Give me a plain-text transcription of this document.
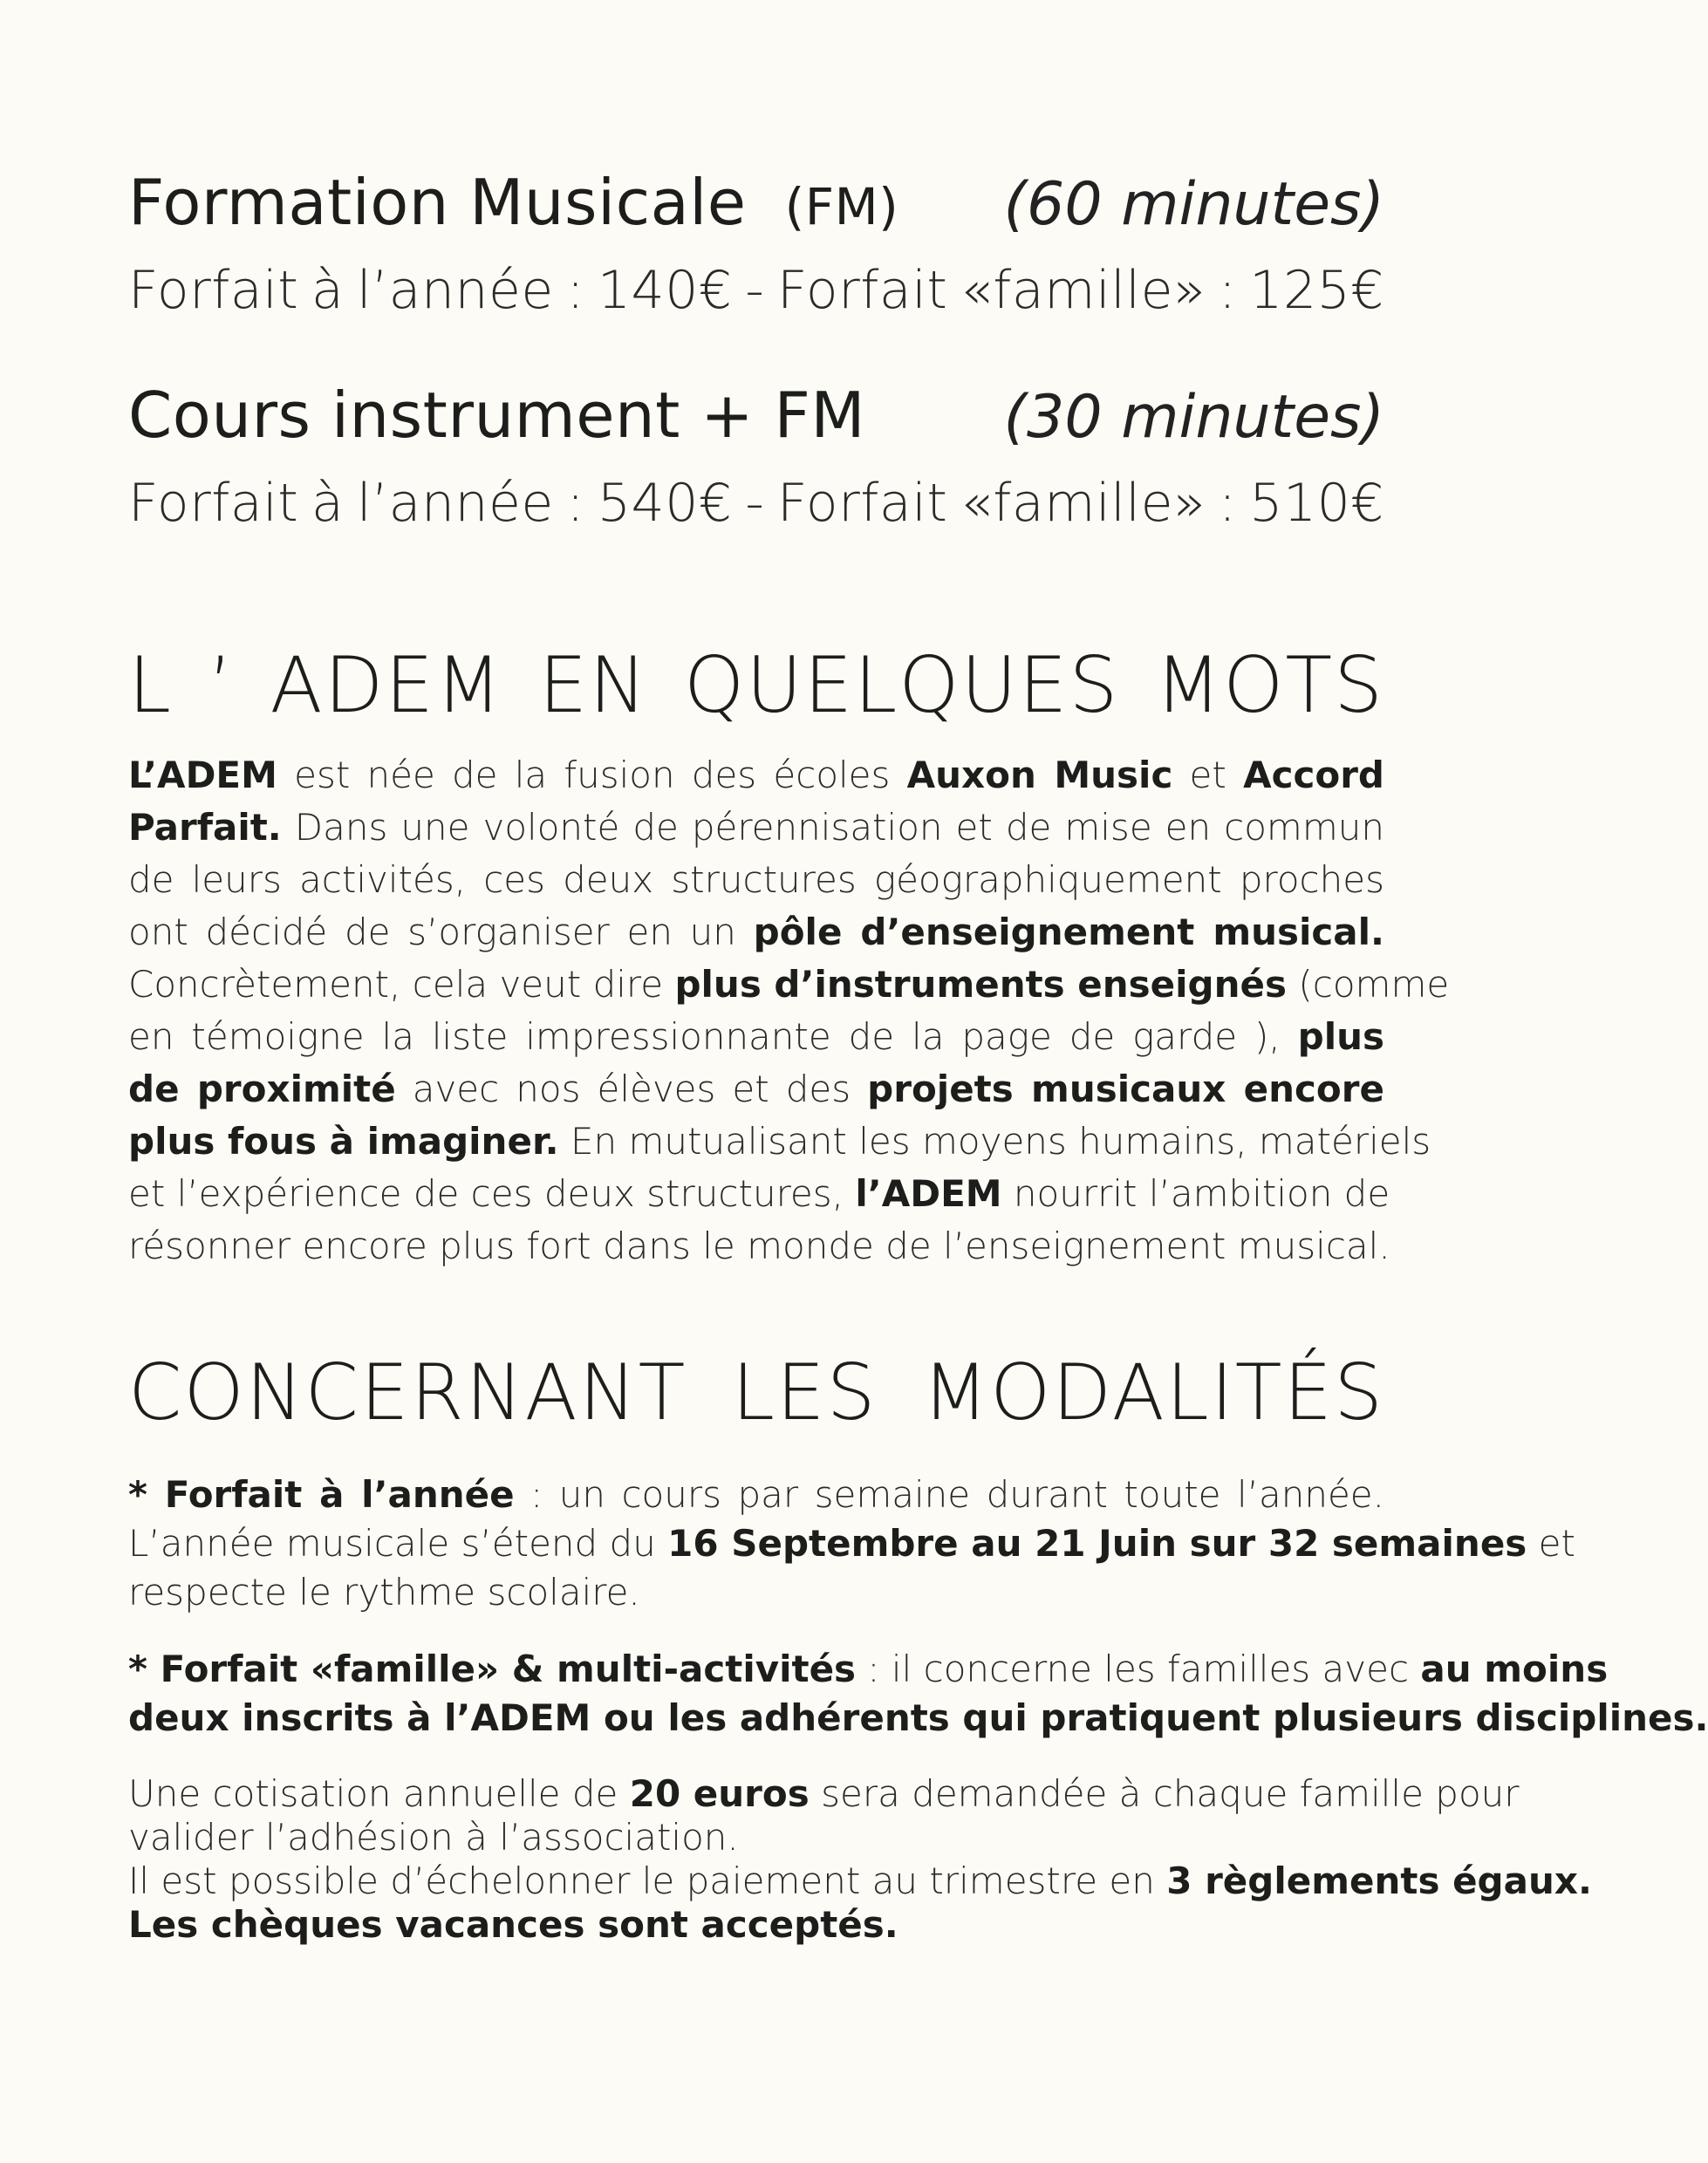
Formation Musicale (FM) (60 minutes)
Forfait à l’année : 140€ - Forfait «famille» : 125€
Cours instrument + FM (30 minutes)
Forfait à l’année : 540€ - Forfait «famille» : 510€
L ’ ADEM EN QUELQUES MOTS
L’ADEM est née de la fusion des écoles Auxon Music et Accord
Parfait. Dans une volonté de pérennisation et de mise en commun
de leurs activités, ces deux structures géographiquement proches
ont décidé de s’organiser en un pôle d’enseignement musical.
Concrètement, cela veut dire plus d’instruments enseignés (comme
en témoigne la liste impressionnante de la page de garde ), plus
de proximité avec nos élèves et des projets musicaux encore
plus fous à imaginer. En mutualisant les moyens humains, matériels
et l’expérience de ces deux structures, l’ADEM nourrit l’ambition de
résonner encore plus fort dans le monde de l’enseignement musical.
CONCERNANT LES MODALITÉS
* Forfait à l’année : un cours par semaine durant toute l’année.
L’année musicale s’étend du 16 Septembre au 21 Juin sur 32 semaines et
respecte le rythme scolaire.
* Forfait «famille» & multi-activités : il concerne les familles avec au moins
deux inscrits à l’ADEM ou les adhérents qui pratiquent plusieurs disciplines.
Une cotisation annuelle de 20 euros sera demandée à chaque famille pour
valider l’adhésion à l’association.
Il est possible d’échelonner le paiement au trimestre en 3 règlements égaux.
Les chèques vacances sont acceptés.
